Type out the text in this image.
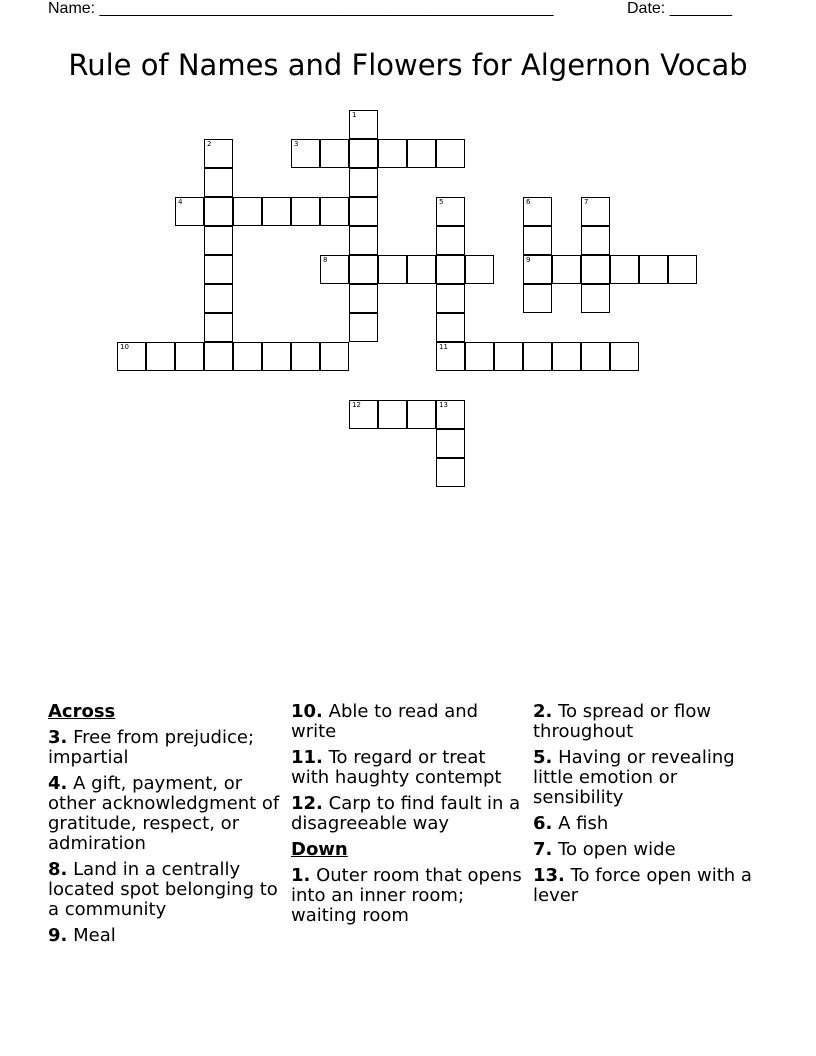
Name: ___________________________________________________	Date: _______
Rule of Names and Flowers for Algernon Vocab
1
2	3
4	5
11
6
9
7
8
10
12	13
Across
3. Free from prejudice; impartial
4. A gift, payment, or other acknowledgment of gratitude, respect, or admiration
8. Land in a centrally located spot belonging to a community
9. Meal
10. Able to read and write
11. To regard or treat with haughty contempt
12. Carp to find fault in a disagreeable way
Down
1. Outer room that opens into an inner room; waiting room
2. To spread or flow throughout
5. Having or revealing little emotion or sensibility
6. A fish
7. To open wide
13. To force open with a lever
